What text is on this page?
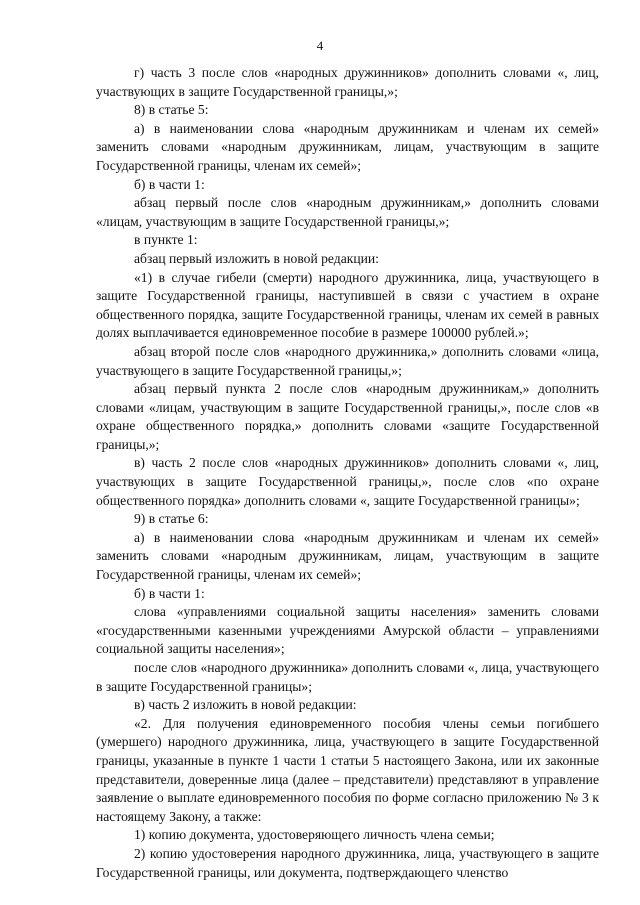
4

г) часть 3 после слов «народных дружинников» дополнить словами «, лиц, участвующих в защите Государственной границы,»;

8) в статье 5:

а) в наименовании слова «народным дружинникам и членам их семей» заменить словами «народным дружинникам, лицам, участвующим в защите Государственной границы, членам их семей»;

б) в части 1:

абзац первый после слов «народным дружинникам,» дополнить словами «лицам, участвующим в защите Государственной границы,»;

в пункте 1:

абзац первый изложить в новой редакции:

«1) в случае гибели (смерти) народного дружинника, лица, участвующего в защите Государственной границы, наступившей в связи с участием в охране общественного порядка, защите Государственной границы, членам их семей в равных долях выплачивается единовременное пособие в размере 100000 рублей.»;

абзац второй после слов «народного дружинника,» дополнить словами «лица, участвующего в защите Государственной границы,»;

абзац первый пункта 2 после слов «народным дружинникам,» дополнить словами «лицам, участвующим в защите Государственной границы,», после слов «в охране общественного порядка,» дополнить словами «защите Государственной границы,»;

в) часть 2 после слов «народных дружинников» дополнить словами «, лиц, участвующих в защите Государственной границы,», после слов «по охране общественного порядка» дополнить словами «, защите Государственной границы»;

9) в статье 6:

а) в наименовании слова «народным дружинникам и членам их семей» заменить словами «народным дружинникам, лицам, участвующим в защите Государственной границы, членам их семей»;

б) в части 1:

слова «управлениями социальной защиты населения» заменить словами «государственными казенными учреждениями Амурской области – управлениями социальной защиты населения»;

после слов «народного дружинника» дополнить словами «, лица, участвующего в защите Государственной границы»;

в) часть 2 изложить в новой редакции:

«2. Для получения единовременного пособия члены семьи погибшего (умершего) народного дружинника, лица, участвующего в защите Государственной границы, указанные в пункте 1 части 1 статьи 5 настоящего Закона, или их законные представители, доверенные лица (далее – представители) представляют в управление заявление о выплате единовременного пособия по форме согласно приложению № 3 к настоящему Закону, а также:

1) копию документа, удостоверяющего личность члена семьи;

2) копию удостоверения народного дружинника, лица, участвующего в защите Государственной границы, или документа, подтверждающего членство
